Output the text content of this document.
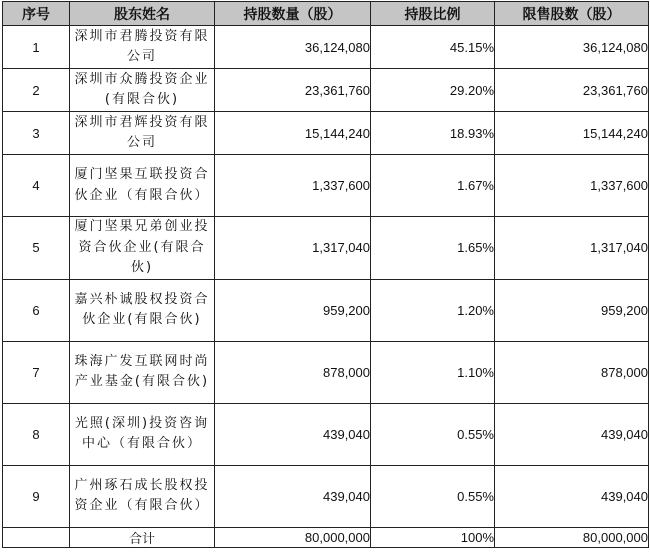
序号	股东姓名	持股数量（股）	持股比例	限售股数（股）
1	深圳市君腾投资有限公司	36,124,080	45.15%	36,124,080
2	深圳市众腾投资企业(有限合伙)	23,361,760	29.20%	23,361,760
3	深圳市君辉投资有限公司	15,144,240	18.93%	15,144,240
4	厦门坚果互联投资合伙企业（有限合伙）	1,337,600	1.67%	1,337,600
5	厦门坚果兄弟创业投资合伙企业(有限合伙)	1,317,040	1.65%	1,317,040
6	嘉兴朴诚股权投资合伙企业(有限合伙)	959,200	1.20%	959,200
7	珠海广发互联网时尚产业基金(有限合伙)	878,000	1.10%	878,000
8	光照(深圳)投资咨询中心（有限合伙）	439,040	0.55%	439,040
9	广州琢石成长股权投资企业（有限合伙）	439,040	0.55%	439,040
	合计	80,000,000	100%	80,000,000
